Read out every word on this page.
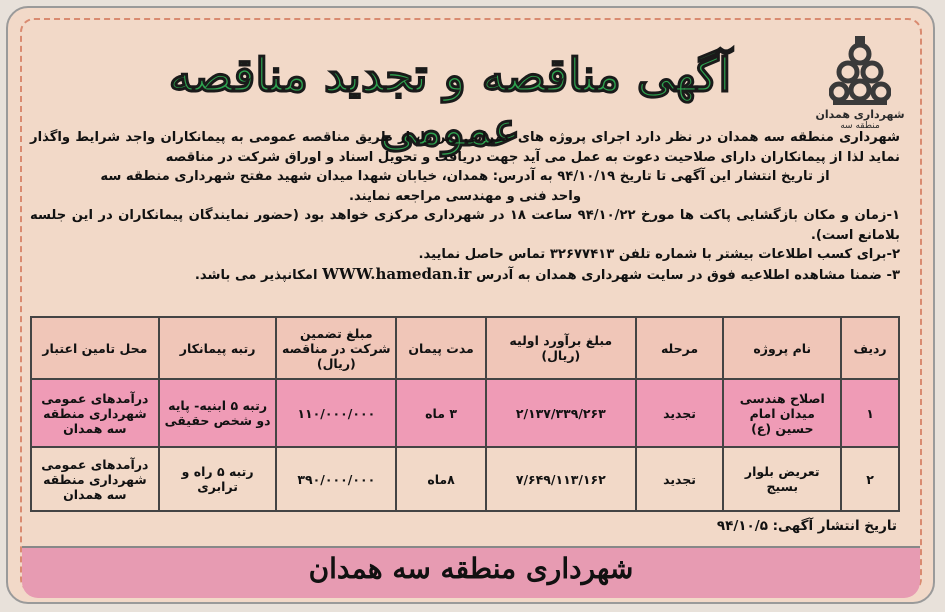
شهرداری همدان
منطقه سه
آگهی مناقصه و تجدید مناقصه عمومی

شهرداری منطقه سه همدان در نظر دارد اجرای پروژه های عمرانی زیر را، از طریق مناقصه عمومی به پیمانکاران واجد شرایط واگذار نماید لذا از پیمانکاران دارای صلاحیت دعوت به عمل می آید جهت دریافت و تحویل اسناد و اوراق شرکت در مناقصه

از تاریخ انتشار این آگهی تا تاریخ ۹۴/۱۰/۱۹ به آدرس: همدان، خیابان شهدا میدان شهید مفتح شهرداری منطقه سه

واحد فنی و مهندسی مراجعه نمایند.

۱-زمان و مکان بازگشایی پاکت ها مورخ ۹۴/۱۰/۲۲ ساعت ۱۸ در شهرداری مرکزی خواهد بود (حضور نمایندگان پیمانکاران در این جلسه بلامانع است).

۲-برای کسب اطلاعات بیشتر با شماره تلفن ۳۲۶۷۷۴۱۳ تماس حاصل نمایید.

۳- ضمنا مشاهده اطلاعیه فوق در سایت شهرداری همدان به آدرس WWW.hamedan.ir امکانپذیر می باشد.

ردیف	نام پروژه	مرحله	مبلغ برآورد اولیه (ریال)	مدت پیمان	مبلغ تضمین شرکت در مناقصه (ریال)	رتبه پیمانکار	محل تامین اعتبار
۱	اصلاح هندسی میدان امام حسین (ع)	تجدید	۲/۱۳۷/۳۳۹/۲۶۳	۳ ماه	۱۱۰/۰۰۰/۰۰۰	رتبه ۵ ابنیه- پایه دو شخص حقیقی	درآمدهای عمومی شهرداری منطقه سه همدان
۲	تعریض بلوار بسیج	تجدید	۷/۶۴۹/۱۱۳/۱۶۲	۸ماه	۳۹۰/۰۰۰/۰۰۰	رتبه ۵ راه و ترابری	درآمدهای عمومی شهرداری منطقه سه همدان
تاریخ انتشار آگهی: ۹۴/۱۰/۵
شهرداری منطقه سه همدان
